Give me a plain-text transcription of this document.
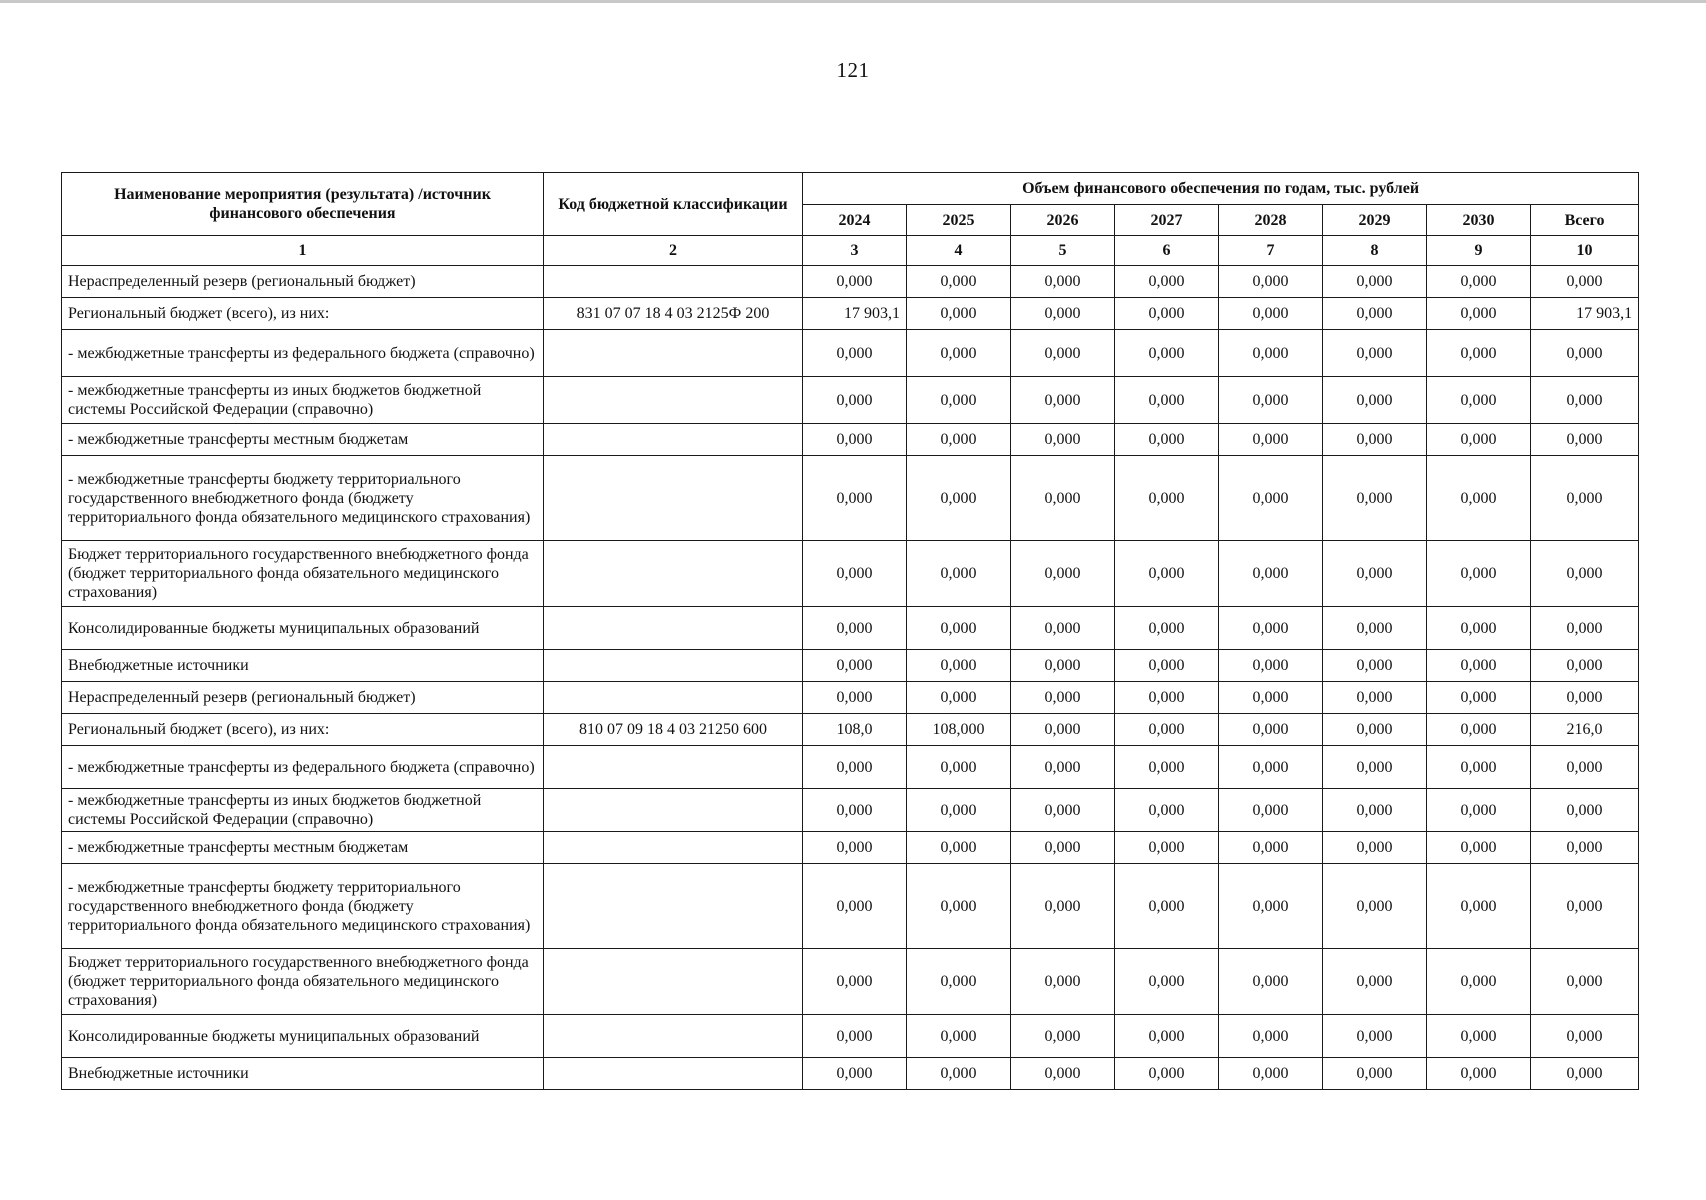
121
Наименование мероприятия (результата) /источник финансового обеспечения	Код бюджетной классификации	Объем финансового обеспечения по годам, тыс. рублей							
		2024	2025	2026	2027	2028	2029	2030	Всего
1	2	3	4	5	6	7	8	9	10
Нераспределенный резерв (региональный бюджет)		0,000	0,000	0,000	0,000	0,000	0,000	0,000	0,000
Региональный бюджет (всего), из них:	831 07 07 18 4 03 2125Ф 200	17 903,1	0,000	0,000	0,000	0,000	0,000	0,000	17 903,1
- межбюджетные трансферты из федерального бюджета (справочно)		0,000	0,000	0,000	0,000	0,000	0,000	0,000	0,000
- межбюджетные трансферты из иных бюджетов бюджетной системы Российской Федерации (справочно)		0,000	0,000	0,000	0,000	0,000	0,000	0,000	0,000
- межбюджетные трансферты местным бюджетам		0,000	0,000	0,000	0,000	0,000	0,000	0,000	0,000
- межбюджетные трансферты бюджету территориального государственного внебюджетного фонда (бюджету территориального фонда обязательного медицинского страхования)		0,000	0,000	0,000	0,000	0,000	0,000	0,000	0,000
Бюджет территориального государственного внебюджетного фонда (бюджет территориального фонда обязательного медицинского страхования)		0,000	0,000	0,000	0,000	0,000	0,000	0,000	0,000
Консолидированные бюджеты муниципальных образований		0,000	0,000	0,000	0,000	0,000	0,000	0,000	0,000
Внебюджетные источники		0,000	0,000	0,000	0,000	0,000	0,000	0,000	0,000
Нераспределенный резерв (региональный бюджет)		0,000	0,000	0,000	0,000	0,000	0,000	0,000	0,000
Региональный бюджет (всего), из них:	810 07 09 18 4 03 21250 600	108,0	108,000	0,000	0,000	0,000	0,000	0,000	216,0
- межбюджетные трансферты из федерального бюджета (справочно)		0,000	0,000	0,000	0,000	0,000	0,000	0,000	0,000
- межбюджетные трансферты из иных бюджетов бюджетной системы Российской Федерации (справочно)		0,000	0,000	0,000	0,000	0,000	0,000	0,000	0,000
- межбюджетные трансферты местным бюджетам		0,000	0,000	0,000	0,000	0,000	0,000	0,000	0,000
- межбюджетные трансферты бюджету территориального государственного внебюджетного фонда (бюджету территориального фонда обязательного медицинского страхования)		0,000	0,000	0,000	0,000	0,000	0,000	0,000	0,000
Бюджет территориального государственного внебюджетного фонда (бюджет территориального фонда обязательного медицинского страхования)		0,000	0,000	0,000	0,000	0,000	0,000	0,000	0,000
Консолидированные бюджеты муниципальных образований		0,000	0,000	0,000	0,000	0,000	0,000	0,000	0,000
Внебюджетные источники		0,000	0,000	0,000	0,000	0,000	0,000	0,000	0,000
